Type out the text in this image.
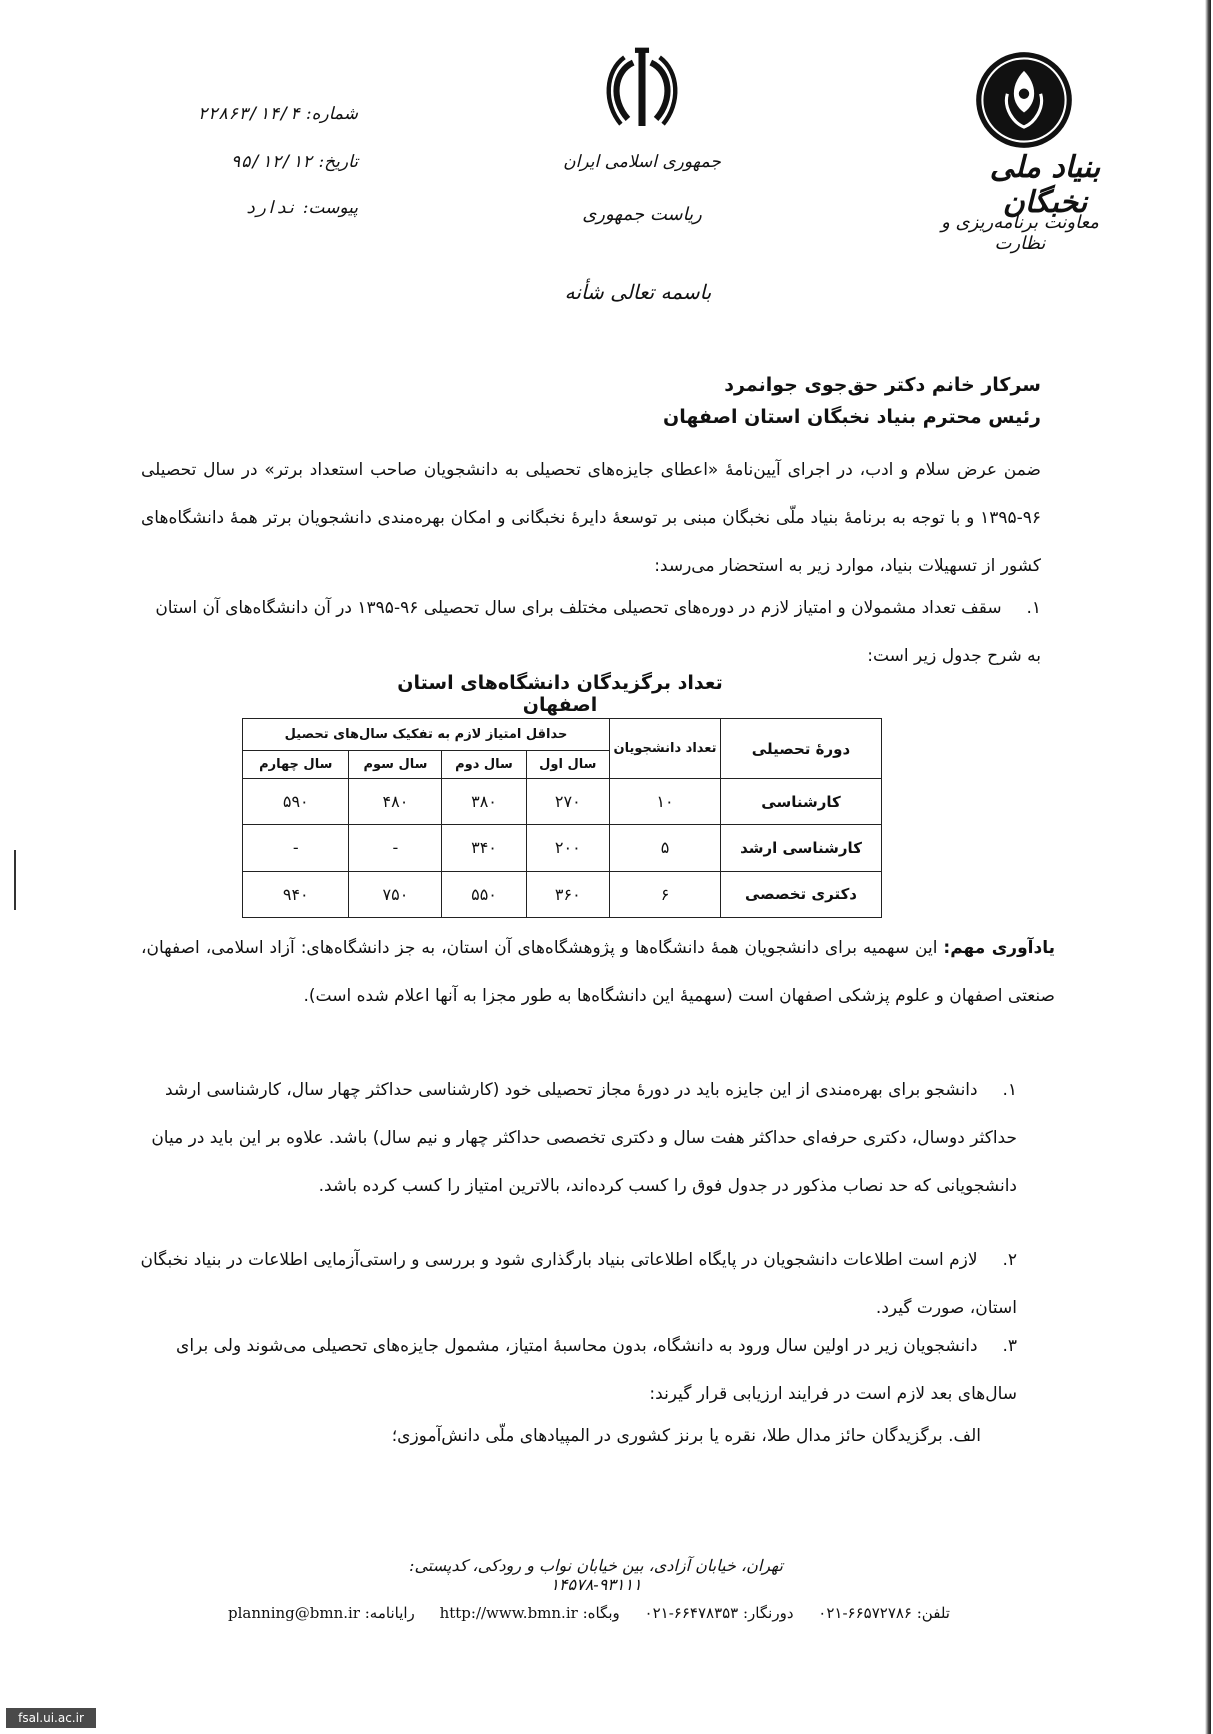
بنیاد ملی نخبگان
معاونت برنامه‌ریزی و نظارت
جمهوری اسلامی ایران
ریاست جمهوری
باسمه تعالی شأنه
شماره: ۲۲۸۶۳/۱۴/۴
تاریخ: ۹۵/۱۲/۱۲
پیوست: ندارد
سرکار خانم دکتر حق‌جوی جوانمرد
رئیس محترم بنیاد نخبگان استان اصفهان
ضمن عرض سلام و ادب، در اجرای آیین‌نامهٔ «اعطای جایزه‌های تحصیلی به دانشجویان صاحب استعداد برتر» در سال تحصیلی ۹۶-۱۳۹۵ و با توجه به برنامهٔ بنیاد ملّی نخبگان مبنی بر توسعهٔ دایرهٔ نخبگانی و امکان بهره‌مندی دانشجویان برتر همهٔ دانشگاه‌های کشور از تسهیلات بنیاد، موارد زیر به استحضار می‌رسد:
۱. سقف تعداد مشمولان و امتیاز لازم در دوره‌های تحصیلی مختلف برای سال تحصیلی ۹۶-۱۳۹۵ در آن دانشگاه‌های آن استان به شرح جدول زیر است:
تعداد برگزیدگان دانشگاه‌های استان اصفهان
دورهٔ تحصیلی	تعداد دانشجویان	حداقل امتیاز لازم به تفکیک سال‌های تحصیل			
		سال اول	سال دوم	سال سوم	سال چهارم
کارشناسی	۱۰	۲۷۰	۳۸۰	۴۸۰	۵۹۰
کارشناسی ارشد	۵	۲۰۰	۳۴۰	-	-
دکتری تخصصی	۶	۳۶۰	۵۵۰	۷۵۰	۹۴۰
یادآوری مهم: این سهمیه برای دانشجویان همهٔ دانشگاه‌ها و پژوهشگاه‌های آن استان، به جز دانشگاه‌های: آزاد اسلامی، اصفهان، صنعتی اصفهان و علوم پزشکی اصفهان است (سهمیهٔ این دانشگاه‌ها به طور مجزا به آنها اعلام شده است).
۱. دانشجو برای بهره‌مندی از این جایزه باید در دورهٔ مجاز تحصیلی خود (کارشناسی حداکثر چهار سال، کارشناسی ارشد حداکثر دوسال، دکتری حرفه‌ای حداکثر هفت سال و دکتری تخصصی حداکثر چهار و نیم سال) باشد. علاوه بر این باید در میان دانشجویانی که حد نصاب مذکور در جدول فوق را کسب کرده‌اند، بالاترین امتیاز را کسب کرده باشد.
۲. لازم است اطلاعات دانشجویان در پایگاه اطلاعاتی بنیاد بارگذاری شود و بررسی و راستی‌آزمایی اطلاعات در بنیاد نخبگان استان، صورت گیرد.
۳. دانشجویان زیر در اولین سال ورود به دانشگاه، بدون محاسبهٔ امتیاز، مشمول جایزه‌های تحصیلی می‌شوند ولی برای سال‌های بعد لازم است در فرایند ارزیابی قرار گیرند:
الف. برگزیدگان حائز مدال طلا، نقره یا برنز کشوری در المپیادهای ملّی دانش‌آموزی؛
تهران، خیابان آزادی، بین خیابان نواب و رودکی، کدپستی: ۹۳۱۱۱-۱۴۵۷۸
تلفن: ۶۶۵۷۲۷۸۶-۰۲۱ دورنگار: ۶۶۴۷۸۳۵۳-۰۲۱ وبگاه: http://www.bmn.ir رایانامه: planning@bmn.ir
fsal.ui.ac.ir
